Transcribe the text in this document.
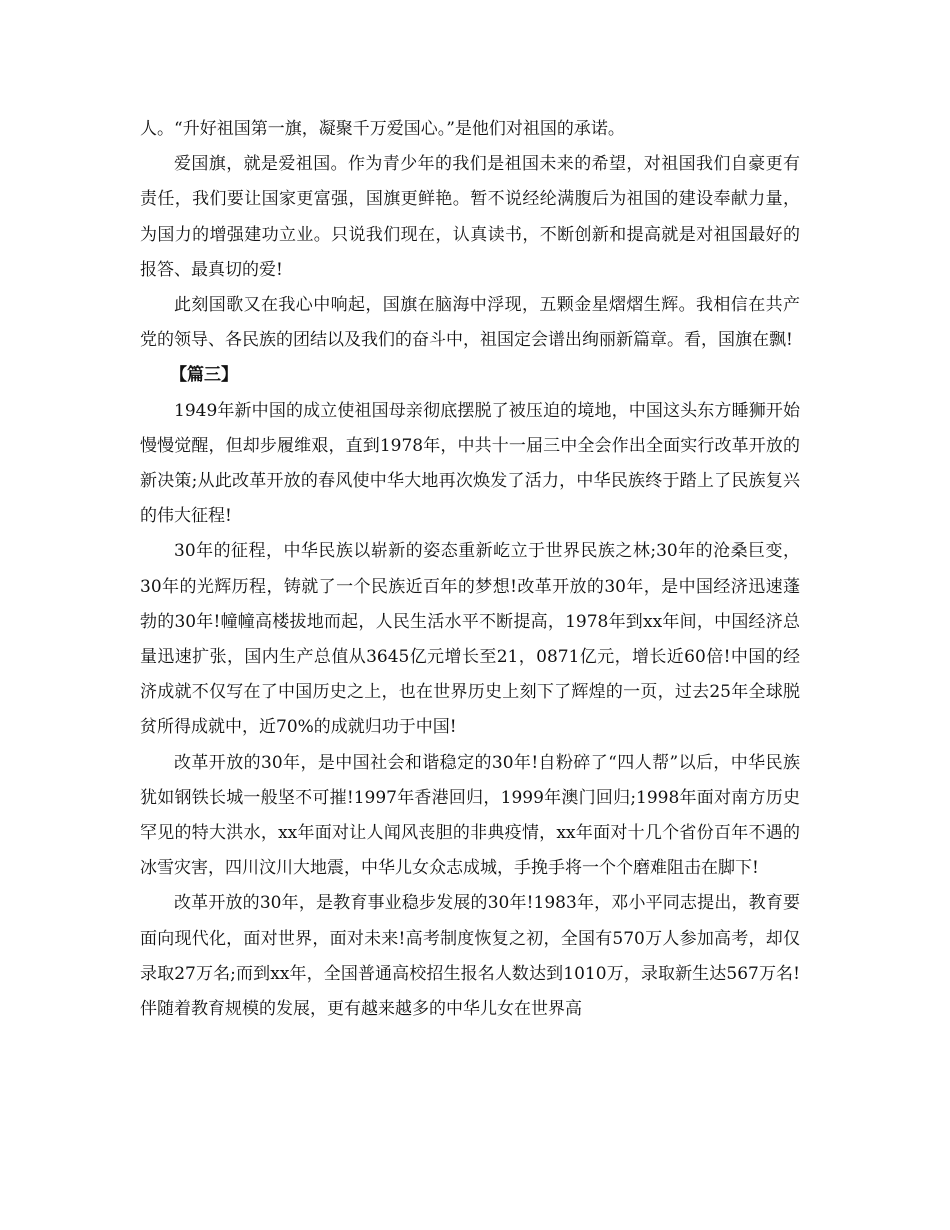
人。“升好祖国第一旗，凝聚千万爱国心。”是他们对祖国的承诺。

爱国旗，就是爱祖国。作为青少年的我们是祖国未来的希望，对祖国我们自豪更有责任，我们要让国家更富强，国旗更鲜艳。暂不说经纶满腹后为祖国的建设奉献力量，为国力的增强建功立业。只说我们现在，认真读书，不断创新和提高就是对祖国最好的报答、最真切的爱!

此刻国歌又在我心中响起，国旗在脑海中浮现，五颗金星熠熠生辉。我相信在共产党的领导、各民族的团结以及我们的奋斗中，祖国定会谱出绚丽新篇章。看，国旗在飘!

【篇三】

1949年新中国的成立使祖国母亲彻底摆脱了被压迫的境地，中国这头东方睡狮开始慢慢觉醒，但却步履维艰，直到1978年，中共十一届三中全会作出全面实行改革开放的新决策;从此改革开放的春风使中华大地再次焕发了活力，中华民族终于踏上了民族复兴的伟大征程!

30年的征程，中华民族以崭新的姿态重新屹立于世界民族之林;30年的沧桑巨变，30年的光辉历程，铸就了一个民族近百年的梦想!改革开放的30年，是中国经济迅速蓬勃的30年!幢幢高楼拔地而起，人民生活水平不断提高，1978年到xx年间，中国经济总量迅速扩张，国内生产总值从3645亿元增长至21，0871亿元，增长近60倍!中国的经济成就不仅写在了中国历史之上，也在世界历史上刻下了辉煌的一页，过去25年全球脱贫所得成就中，近70%的成就归功于中国!

改革开放的30年，是中国社会和谐稳定的30年!自粉碎了“四人帮”以后，中华民族犹如钢铁长城一般坚不可摧!1997年香港回归，1999年澳门回归;1998年面对南方历史罕见的特大洪水，xx年面对让人闻风丧胆的非典疫情，xx年面对十几个省份百年不遇的冰雪灾害，四川汶川大地震，中华儿女众志成城，手挽手将一个个磨难阻击在脚下!

改革开放的30年，是教育事业稳步发展的30年!1983年，邓小平同志提出，教育要面向现代化，面对世界，面对未来!高考制度恢复之初，全国有570万人参加高考，却仅录取27万名;而到xx年，全国普通高校招生报名人数达到1010万，录取新生达567万名!伴随着教育规模的发展，更有越来越多的中华儿女在世界高
